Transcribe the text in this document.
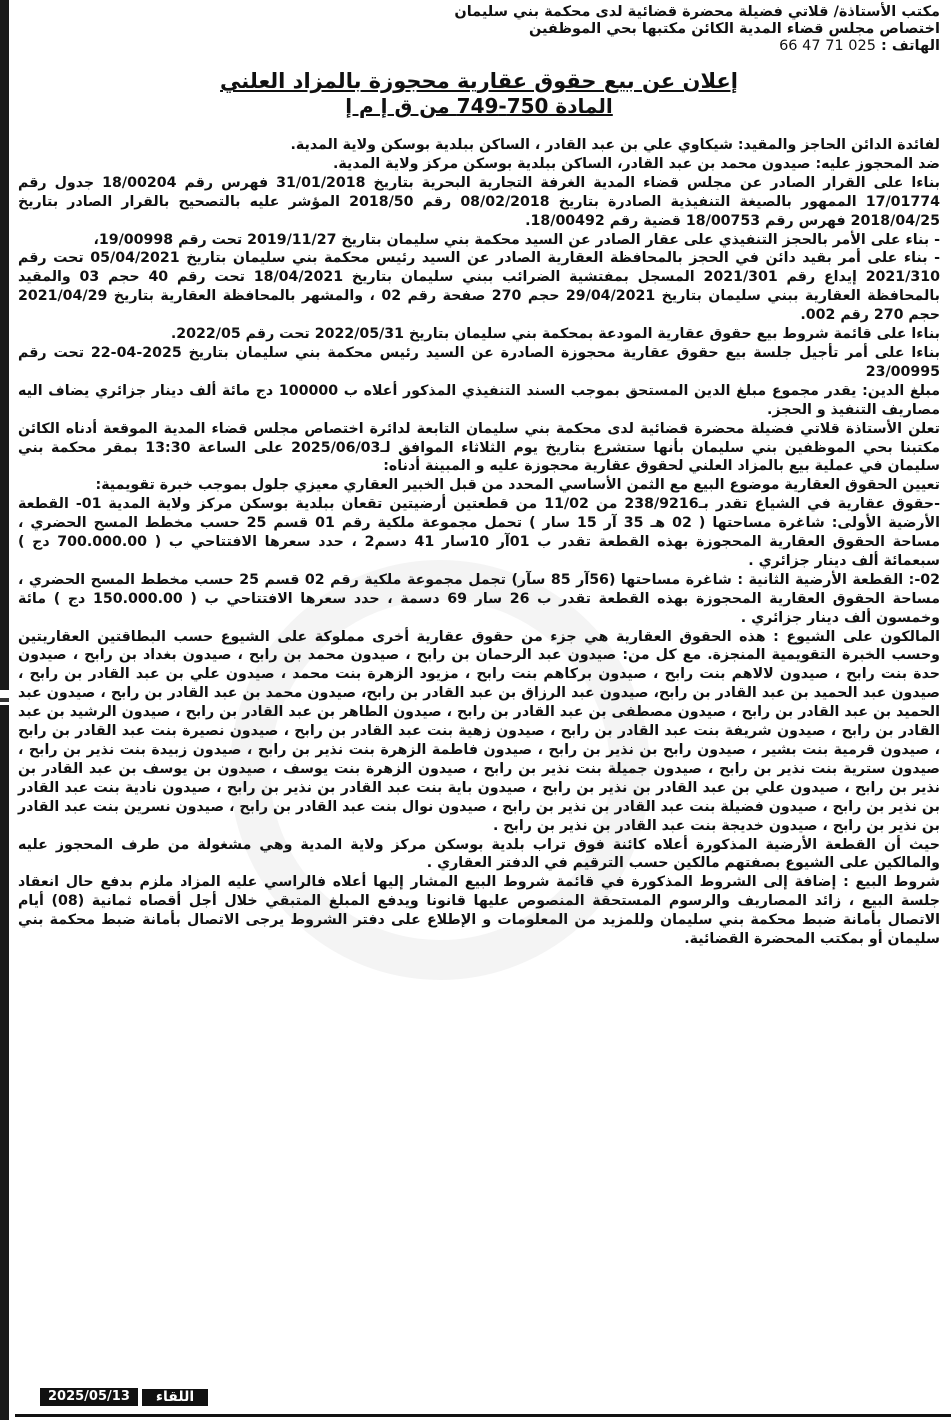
مكتب الأستاذة/ قلاتي فضيلة محضرة قضائية لدى محكمة بني سليمان

اختصاص مجلس قضاء المدية الكائن مكتبها بحي الموظفين

الهاتف : 025 71 47 66

إعلان عن بيع حقوق عقارية محجوزة بالمزاد العلني
المادة 750-749 من ق إ م إ

لفائدة الدائن الحاجز والمقيد: شيكاوي علي بن عبد القادر ، الساكن ببلدية بوسكن ولاية المدية.

ضد المحجوز عليه: صيدون محمد بن عبد القادر، الساكن ببلدية بوسكن مركز ولاية المدية.

بناءا على القرار الصادر عن مجلس قضاء المدية الغرفة التجارية البحرية بتاريخ 31/01/2018 فهرس رقم 18/00204 جدول رقم 17/01774 الممهور بالصيغة التنفيذية الصادرة بتاريخ 08/02/2018 رقم 2018/50 المؤشر عليه بالتصحيح بالقرار الصادر بتاريخ 2018/04/25 فهرس رقم 18/00753 قضية رقم 18/00492.

- بناء على الأمر بالحجز التنفيذي على عقار الصادر عن السيد محكمة بني سليمان بتاريخ 2019/11/27 تحت رقم 19/00998،

- بناء على أمر بقيد دائن في الحجز بالمحافظة العقارية الصادر عن السيد رئيس محكمة بني سليمان بتاريخ 05/04/2021 تحت رقم 2021/310 إيداع رقم 2021/301 المسجل بمفتشية الضرائب ببني سليمان بتاريخ 18/04/2021 تحت رقم 40 حجم 03 والمقيد بالمحافظة العقارية ببني سليمان بتاريخ 29/04/2021 حجم 270 صفحة رقم 02 ، والمشهر بالمحافظة العقارية بتاريخ 2021/04/29 حجم 270 رقم 002.

بناءا على قائمة شروط بيع حقوق عقارية المودعة بمحكمة بني سليمان بتاريخ 2022/05/31 تحت رقم 2022/05.

بناءا على أمر تأجيل جلسة بيع حقوق عقارية محجوزة الصادرة عن السيد رئيس محكمة بني سليمان بتاريخ 2025-04-22 تحت رقم 23/00995

مبلغ الدين: يقدر مجموع مبلغ الدين المستحق بموجب السند التنفيذي المذكور أعلاه ب 100000 دج مائة ألف دينار جزائري يضاف اليه مصاريف التنفيذ و الحجز.

تعلن الأستاذة قلاتي فضيلة محضرة قضائية لدى محكمة بني سليمان التابعة لدائرة اختصاص مجلس قضاء المدية الموقعة أدناه الكائن مكتبنا بحي الموظفين بني سليمان بأنها ستشرع بتاريخ يوم الثلاثاء الموافق لـ2025/06/03 على الساعة 13:30 بمقر محكمة بني سليمان في عملية بيع بالمزاد العلني لحقوق عقارية محجوزة عليه و المبينة أدناه:

تعيين الحقوق العقارية موضوع البيع مع الثمن الأساسي المحدد من قبل الخبير العقاري معيزي جلول بموجب خبرة تقويمية:

-حقوق عقارية في الشياع تقدر بـ238/9216 من 11/02 من قطعتين أرضيتين تقعان ببلدية بوسكن مركز ولاية المدية 01- القطعة الأرضية الأولى: شاغرة مساحتها ( 02 هـ 35 آر 15 سار ) تحمل مجموعة ملكية رقم 01 قسم 25 حسب مخطط المسح الحضري ، مساحة الحقوق العقارية المحجوزة بهذه القطعة تقدر ب 01آر 10سار 41 دسم2 ، حدد سعرها الافتتاحي ب ( 700.000.00 دج ) سبعمائة ألف دينار جزائري .

02-: القطعة الأرضية الثانية : شاغرة مساحتها (56آر 85 سآر) تجمل مجموعة ملكية رقم 02 قسم 25 حسب مخطط المسح الحضري ، مساحة الحقوق العقارية المحجوزة بهذه القطعة تقدر ب 26 سار 69 دسمة ، حدد سعرها الافتتاحي ب ( 150.000.00 دج ) مائة وخمسون ألف دينار جزائري .

المالكون على الشيوع : هذه الحقوق العقارية هي جزء من حقوق عقارية أخرى مملوكة على الشيوع حسب البطاقتين العقاريتين وحسب الخبرة التقويمية المنجزة. مع كل من: صيدون عبد الرحمان بن رابح ، صيدون محمد بن رابح ، صيدون بغداد بن رابح ، صيدون حدة بنت رابح ، صيدون لالاهم بنت رابح ، صيدون بركاهم بنت رابح ، مزيود الزهرة بنت محمد ، صيدون علي بن عبد القادر بن رابح ، صيدون عبد الحميد بن عبد القادر بن رابح، صيدون عبد الرزاق بن عبد القادر بن رابح، صيدون محمد بن عبد القادر بن رابح ، صيدون عبد الحميد بن عبد القادر بن رابح ، صيدون مصطفى بن عبد القادر بن رابح ، صيدون الطاهر بن عبد القادر بن رابح ، صيدون الرشيد بن عبد القادر بن رابح ، صيدون شريفة بنت عبد القادر بن رابح ، صيدون زهية بنت عبد القادر بن رابح ، صيدون نصيرة بنت عبد القادر بن رابح ، صيدون قرمية بنت بشير ، صيدون رابح بن نذير بن رابح ، صيدون فاطمة الزهرة بنت نذير بن رابح ، صيدون زبيدة بنت نذير بن رابح ، صيدون سترية بنت نذير بن رابح ، صيدون جميلة بنت نذير بن رابح ، صيدون الزهرة بنت يوسف ، صيدون بن يوسف بن عبد القادر بن نذير بن رابح ، صيدون علي بن عبد القادر بن نذير بن رابح ، صيدون باية بنت عبد القادر بن نذير بن رابح ، صيدون نادية بنت عبد القادر بن نذير بن رابح ، صيدون فضيلة بنت عبد القادر بن نذير بن رابح ، صيدون نوال بنت عبد القادر بن رابح ، صيدون نسرين بنت عبد القادر بن نذير بن رابح ، صيدون خديجة بنت عبد القادر بن نذير بن رابح .

حيث أن القطعة الأرضية المذكورة أعلاه كائنة فوق تراب بلدية بوسكن مركز ولاية المدية وهي مشغولة من طرف المحجوز عليه والمالكين على الشيوع بصفتهم مالكين حسب الترقيم في الدفتر العقاري .

شروط البيع : إضافة إلى الشروط المذكورة في قائمة شروط البيع المشار إليها أعلاه فالراسي عليه المزاد ملزم بدفع حال انعقاد جلسة البيع ، زائد المصاريف والرسوم المستحقة المنصوص عليها قانونا ويدفع المبلغ المتبقي خلال أجل أقصاه ثمانية (08) أيام الاتصال بأمانة ضبط محكمة بني سليمان وللمزيد من المعلومات و الإطلاع على دفتر الشروط يرجى الاتصال بأمانة ضبط محكمة بني سليمان أو بمكتب المحضرة القضائية.

2025/05/13	اللقاء
